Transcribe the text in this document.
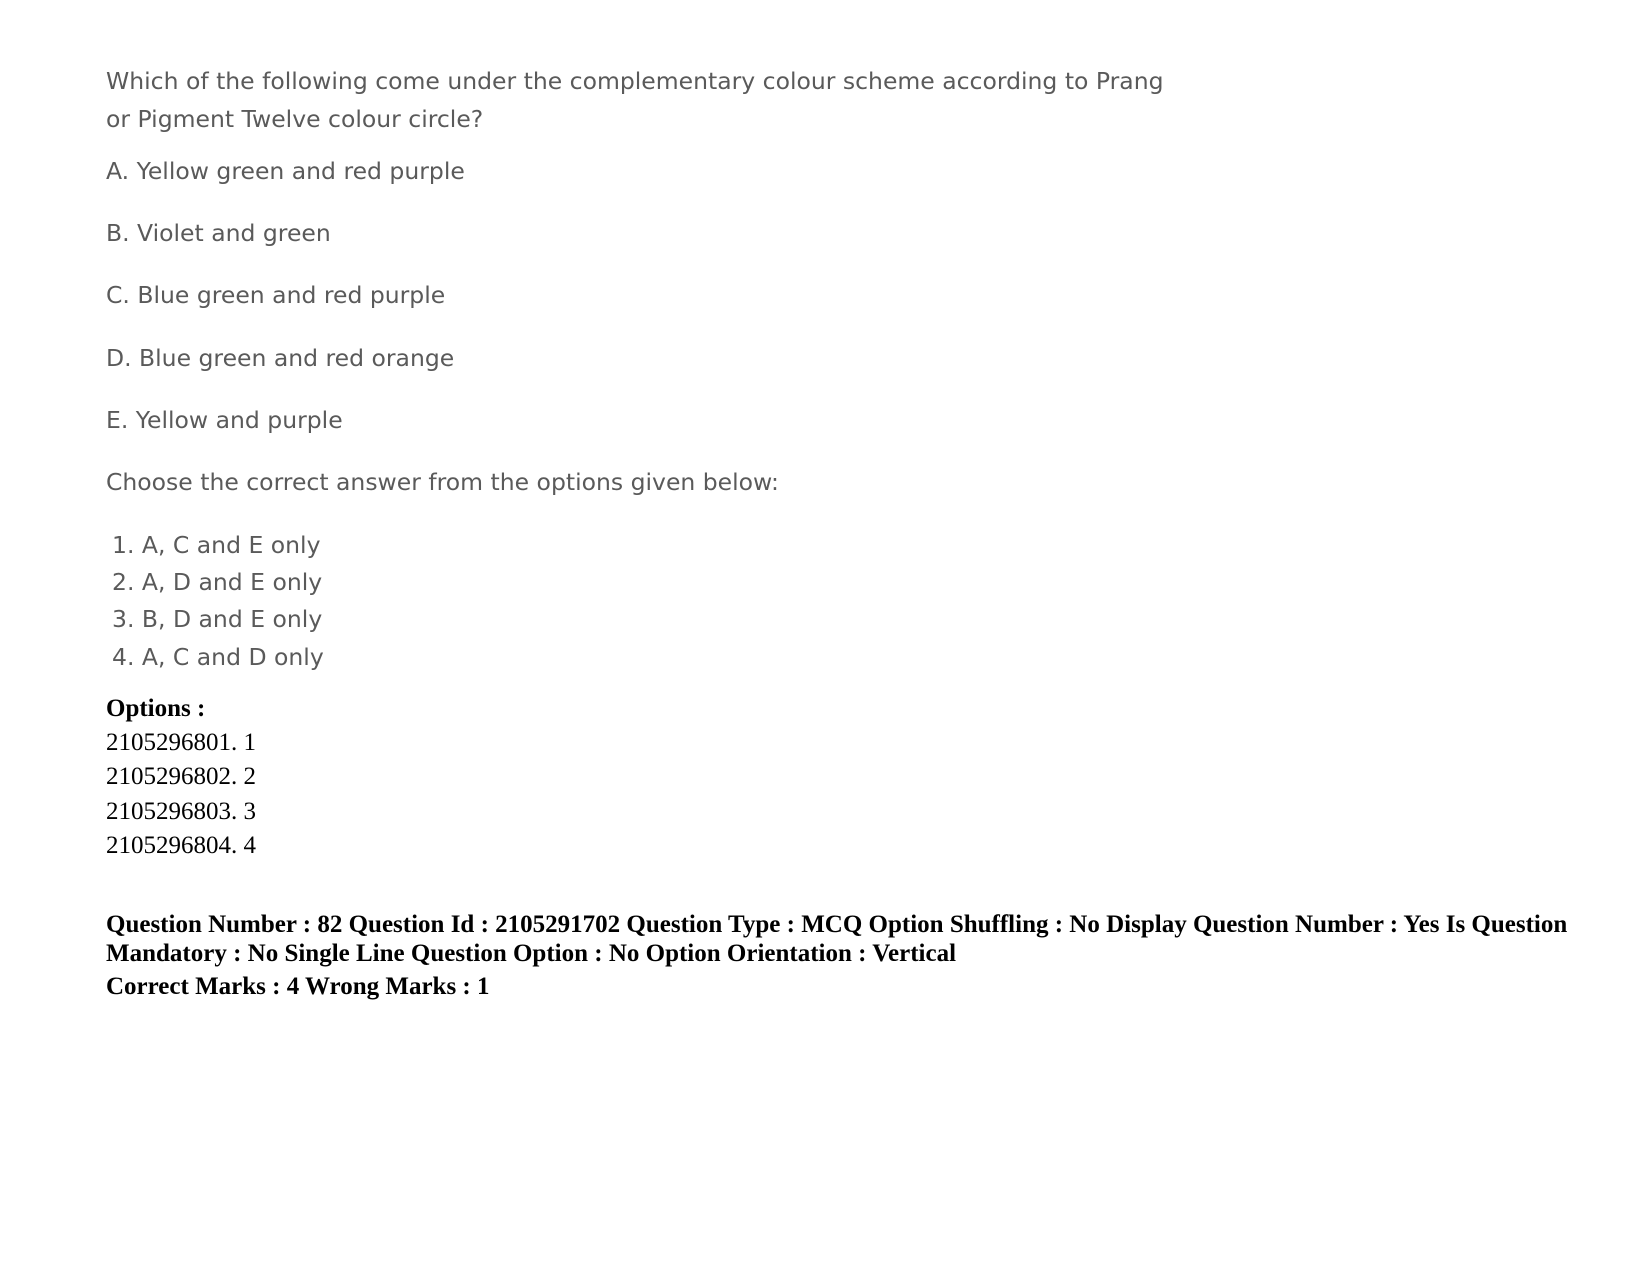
Which of the following come under the complementary colour scheme according to Prang or Pigment Twelve colour circle?

A. Yellow green and red purple

B. Violet and green

C. Blue green and red purple

D. Blue green and red orange

E. Yellow and purple

Choose the correct answer from the options given below:

1. A, C and E only

2. A, D and E only

3. B, D and E only

4. A, C and D only

Options :
2105296801. 1
2105296802. 2
2105296803. 3
2105296804. 4
Question Number : 82 Question Id : 2105291702 Question Type : MCQ Option Shuffling : No Display Question Number : Yes Is Question Mandatory : No Single Line Question Option : No Option Orientation : Vertical
Correct Marks : 4 Wrong Marks : 1
